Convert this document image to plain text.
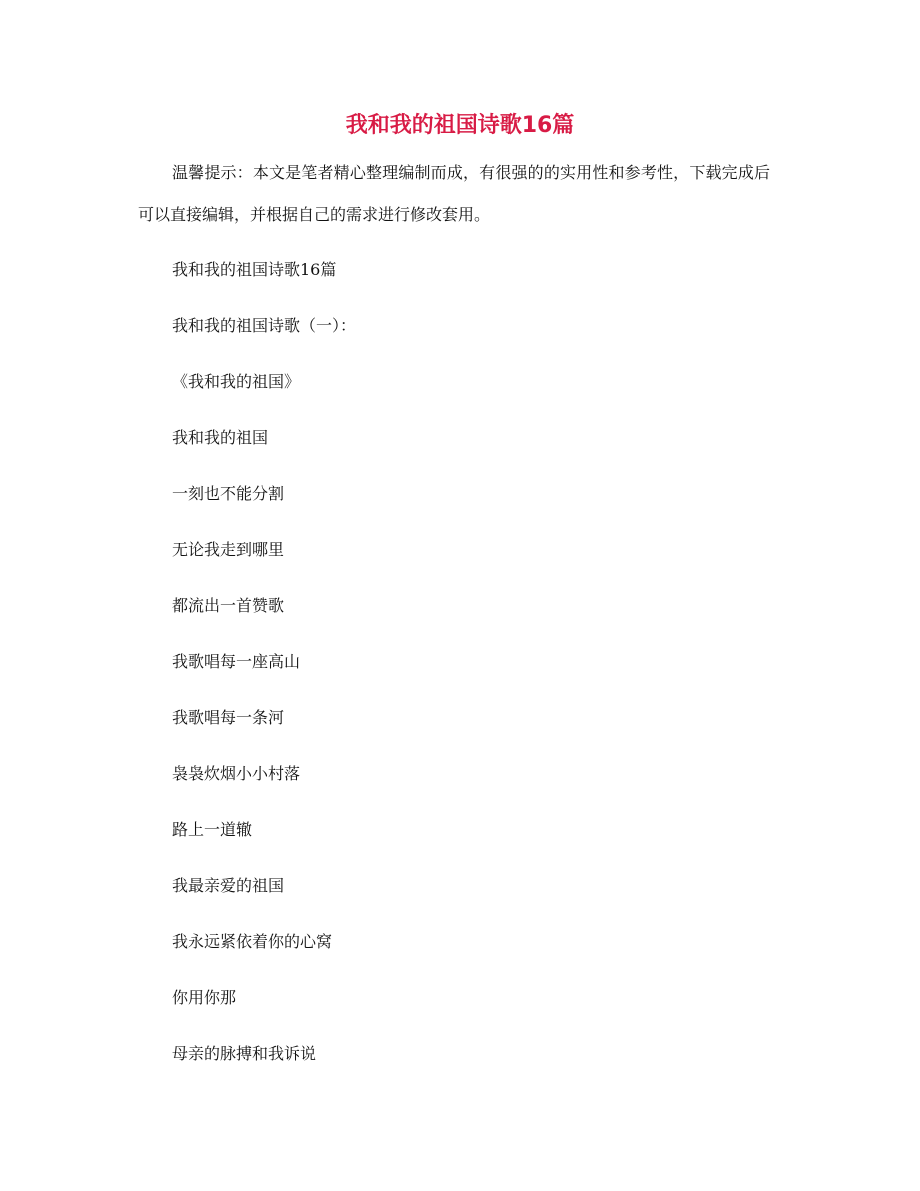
我和我的祖国诗歌16篇

温馨提示：本文是笔者精心整理编制而成，有很强的的实用性和参考性，下载完成后可以直接编辑，并根据自己的需求进行修改套用。

我和我的祖国诗歌16篇

我和我的祖国诗歌（一）：

《我和我的祖国》

我和我的祖国

一刻也不能分割

无论我走到哪里

都流出一首赞歌

我歌唱每一座高山

我歌唱每一条河

袅袅炊烟小小村落

路上一道辙

我最亲爱的祖国

我永远紧依着你的心窝

你用你那

母亲的脉搏和我诉说
